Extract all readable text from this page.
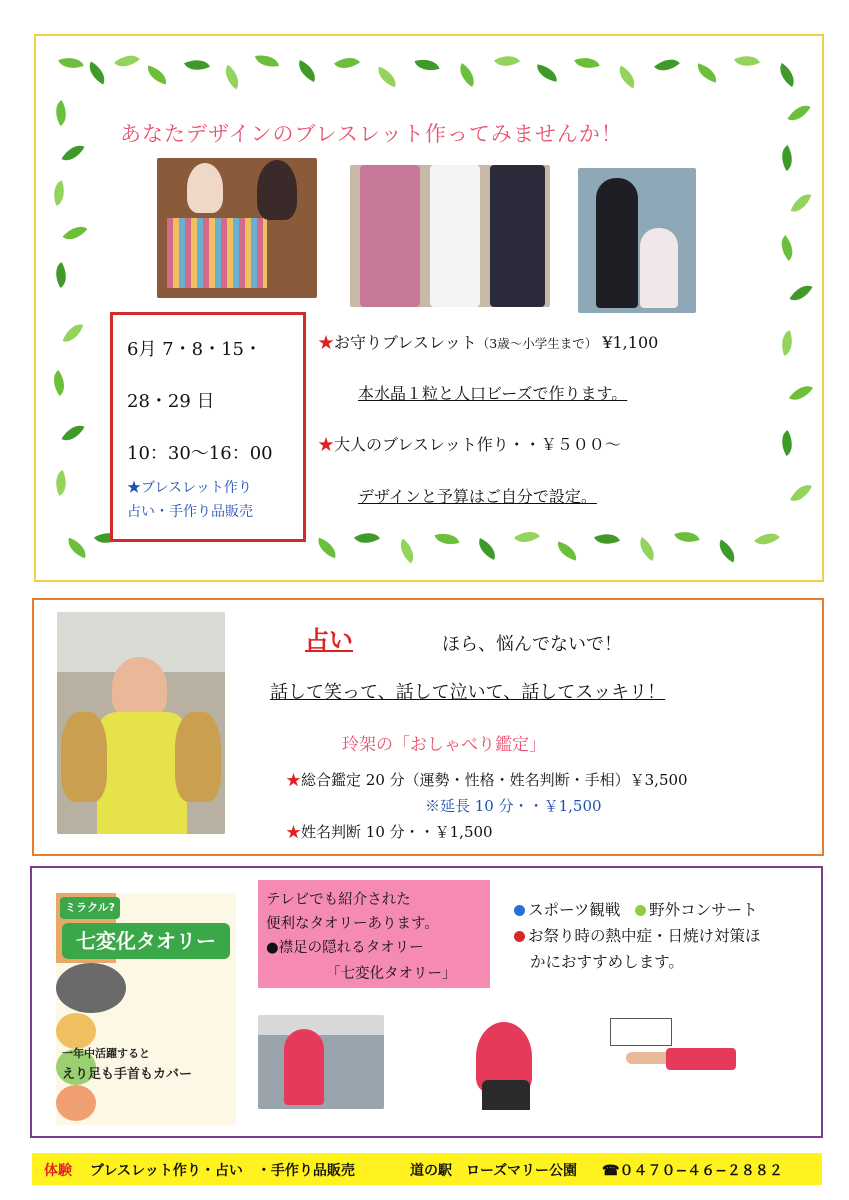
あなたデザインのブレスレット作ってみませんか！
6月 7・8・15・
28・29 日
10：30〜16：00
★ブレスレット作り
占い・手作り品販売
★お守りブレスレット（3歳〜小学生まで） ¥1,100
本水晶１粒と人口ビーズで作ります。
★大人のブレスレット作り・・￥５００〜
デザインと予算はご自分で設定。
占い	ほら、悩んでないで！
話して笑って、話して泣いて、話してスッキリ！
玲架の「おしゃべり鑑定」
★総合鑑定 20 分（運勢・性格・姓名判断・手相）￥3,500
※延長 10 分・・￥1,500
★姓名判断 10 分・・￥1,500
ミラクル?
七変化タオリー
一年中活躍すると
えり足も手首もカバー
テレビでも紹介された
便利なタオリーあります。
●襟足の隠れるタオリー
「七変化タオリー」
スポーツ観戦 野外コンサート
お祭り時の熱中症・日焼け対策ほ
かにおすすめします。
体験 ブレスレット作り・占い　・手作り品販売	道の駅　ローズマリー公園 ☎０４７０−４６−２８８２
